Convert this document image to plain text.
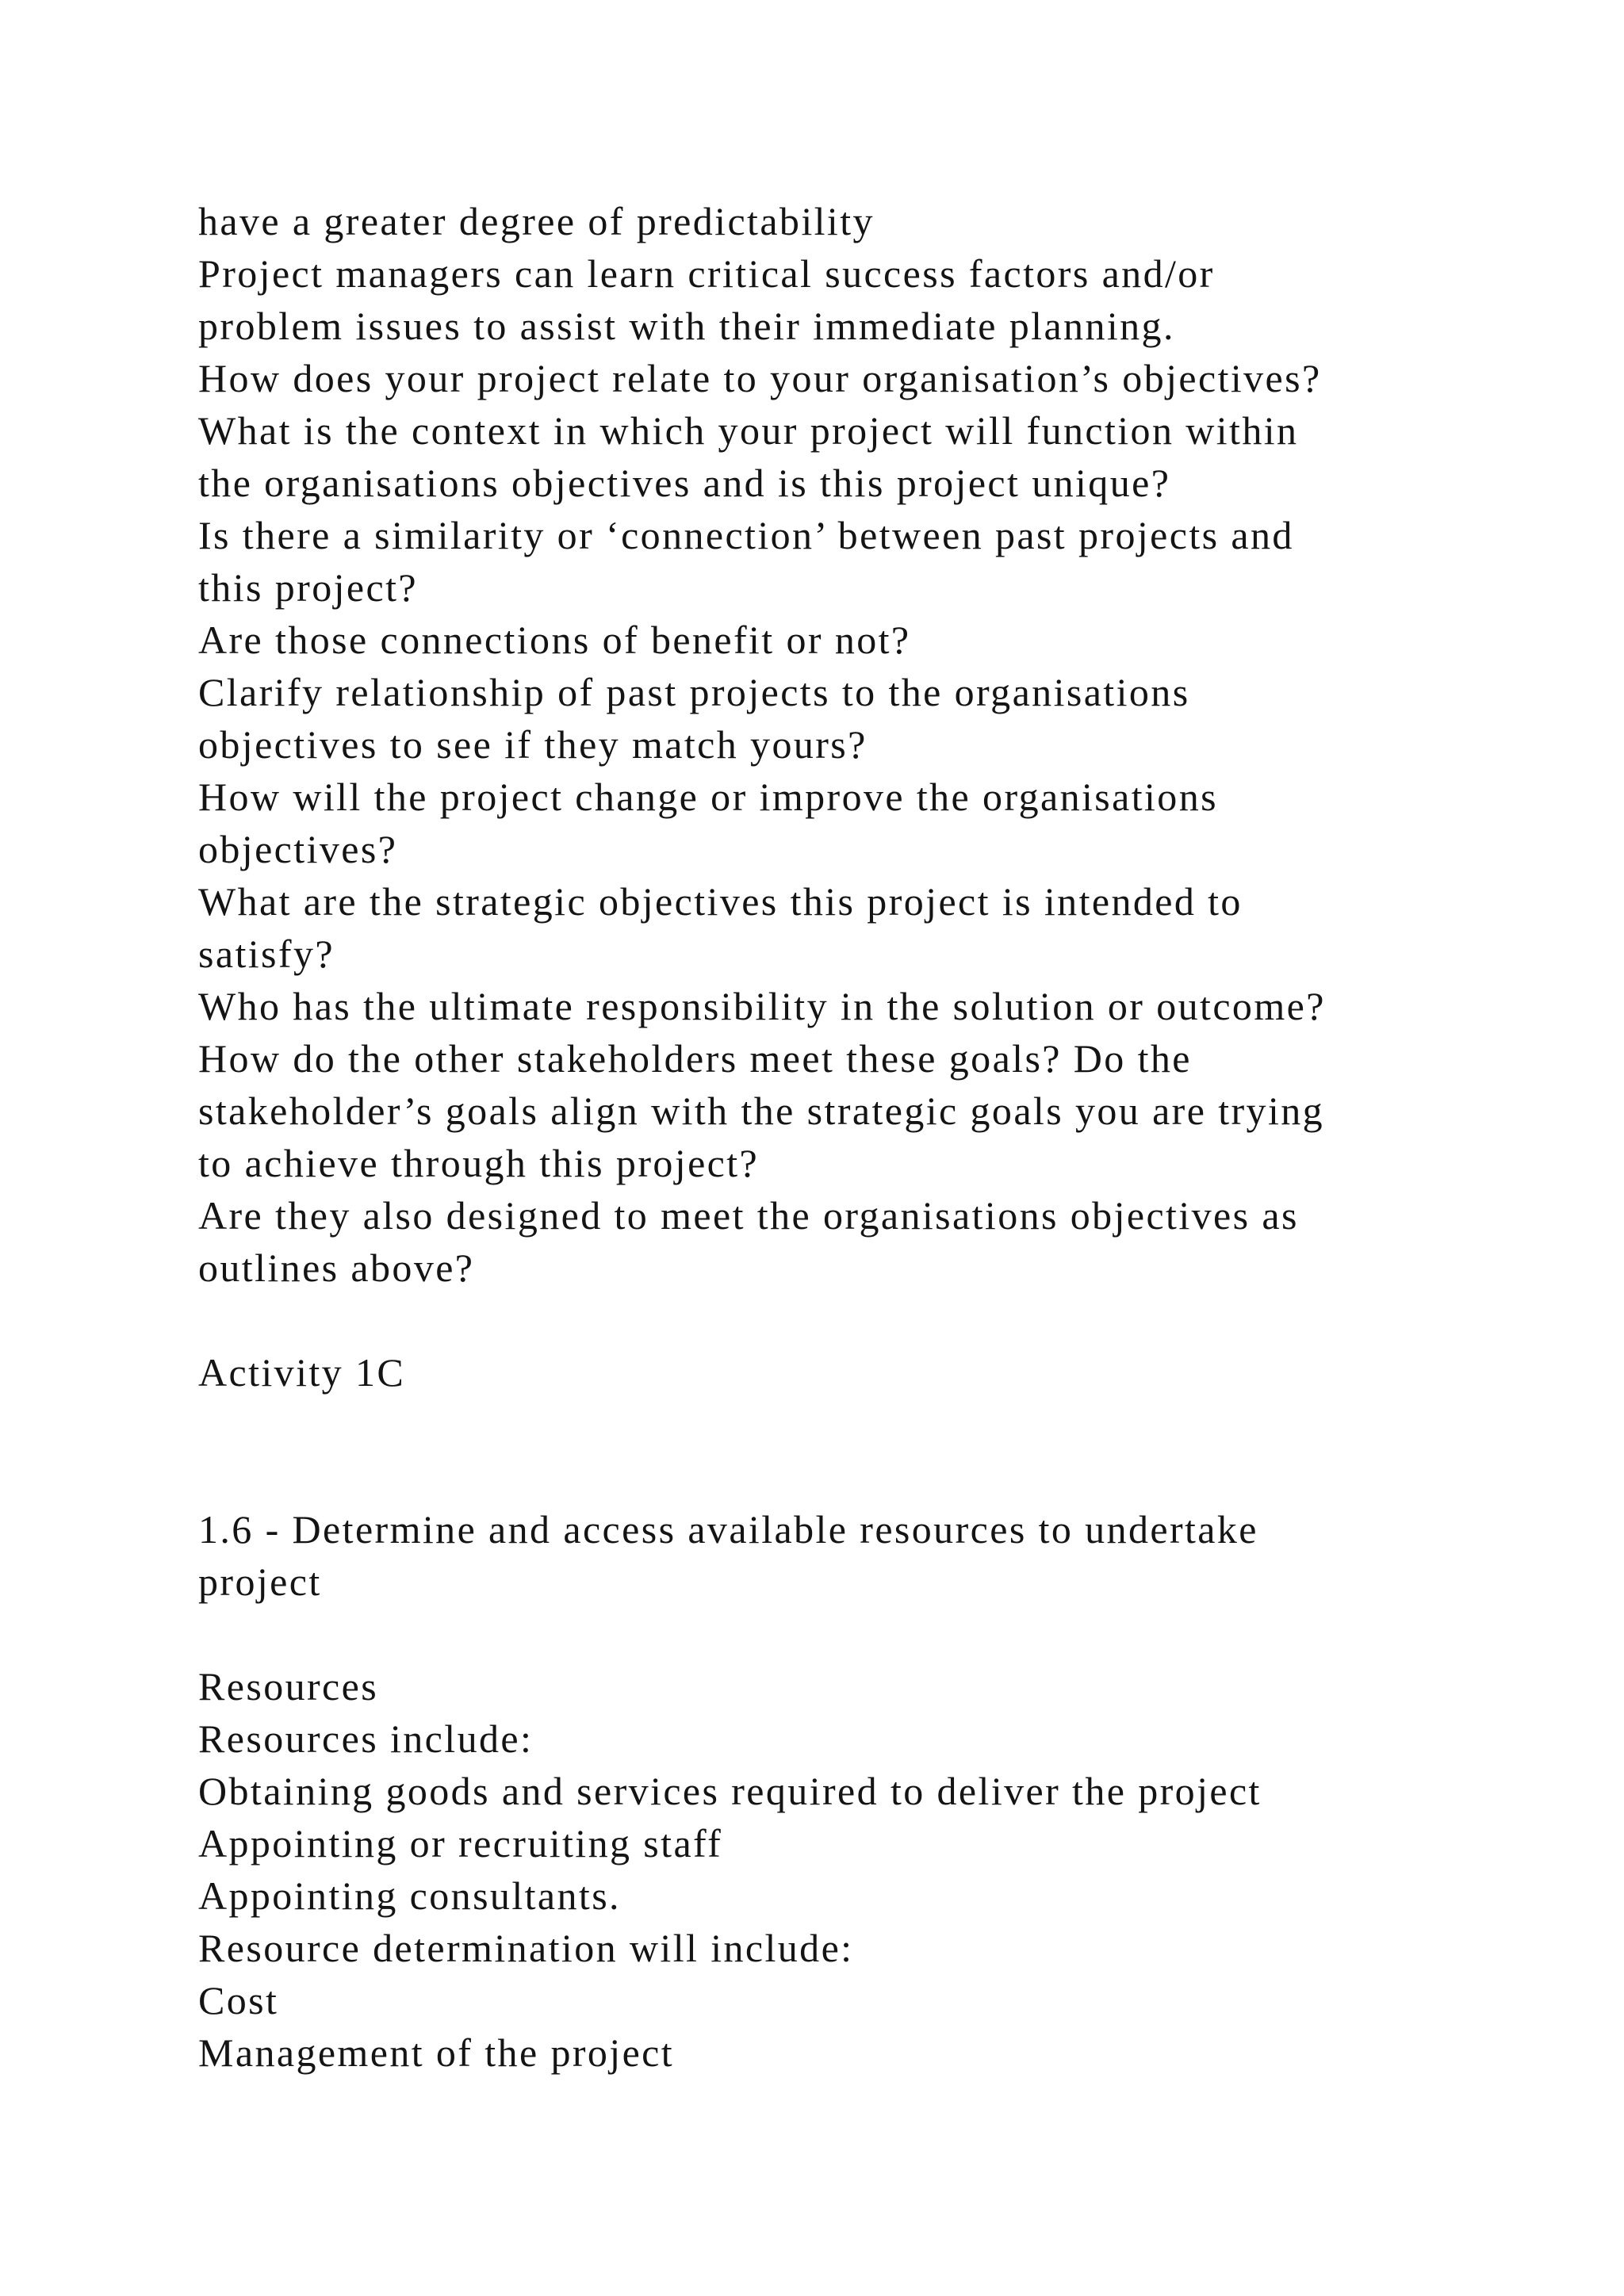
have a greater degree of predictability
Project managers can learn critical success factors and/or
problem issues to assist with their immediate planning.
How does your project relate to your organisation’s objectives?
What is the context in which your project will function within
the organisations objectives and is this project unique?
Is there a similarity or ‘connection’ between past projects and
this project?
Are those connections of benefit or not?
Clarify relationship of past projects to the organisations
objectives to see if they match yours?
How will the project change or improve the organisations
objectives?
What are the strategic objectives this project is intended to
satisfy?
Who has the ultimate responsibility in the solution or outcome?
How do the other stakeholders meet these goals? Do the
stakeholder’s goals align with the strategic goals you are trying
to achieve through this project?
Are they also designed to meet the organisations objectives as
outlines above?
Activity 1C
1.6 - Determine and access available resources to undertake
project
Resources
Resources include:
Obtaining goods and services required to deliver the project
Appointing or recruiting staff
Appointing consultants.
Resource determination will include:
Cost
Management of the project
